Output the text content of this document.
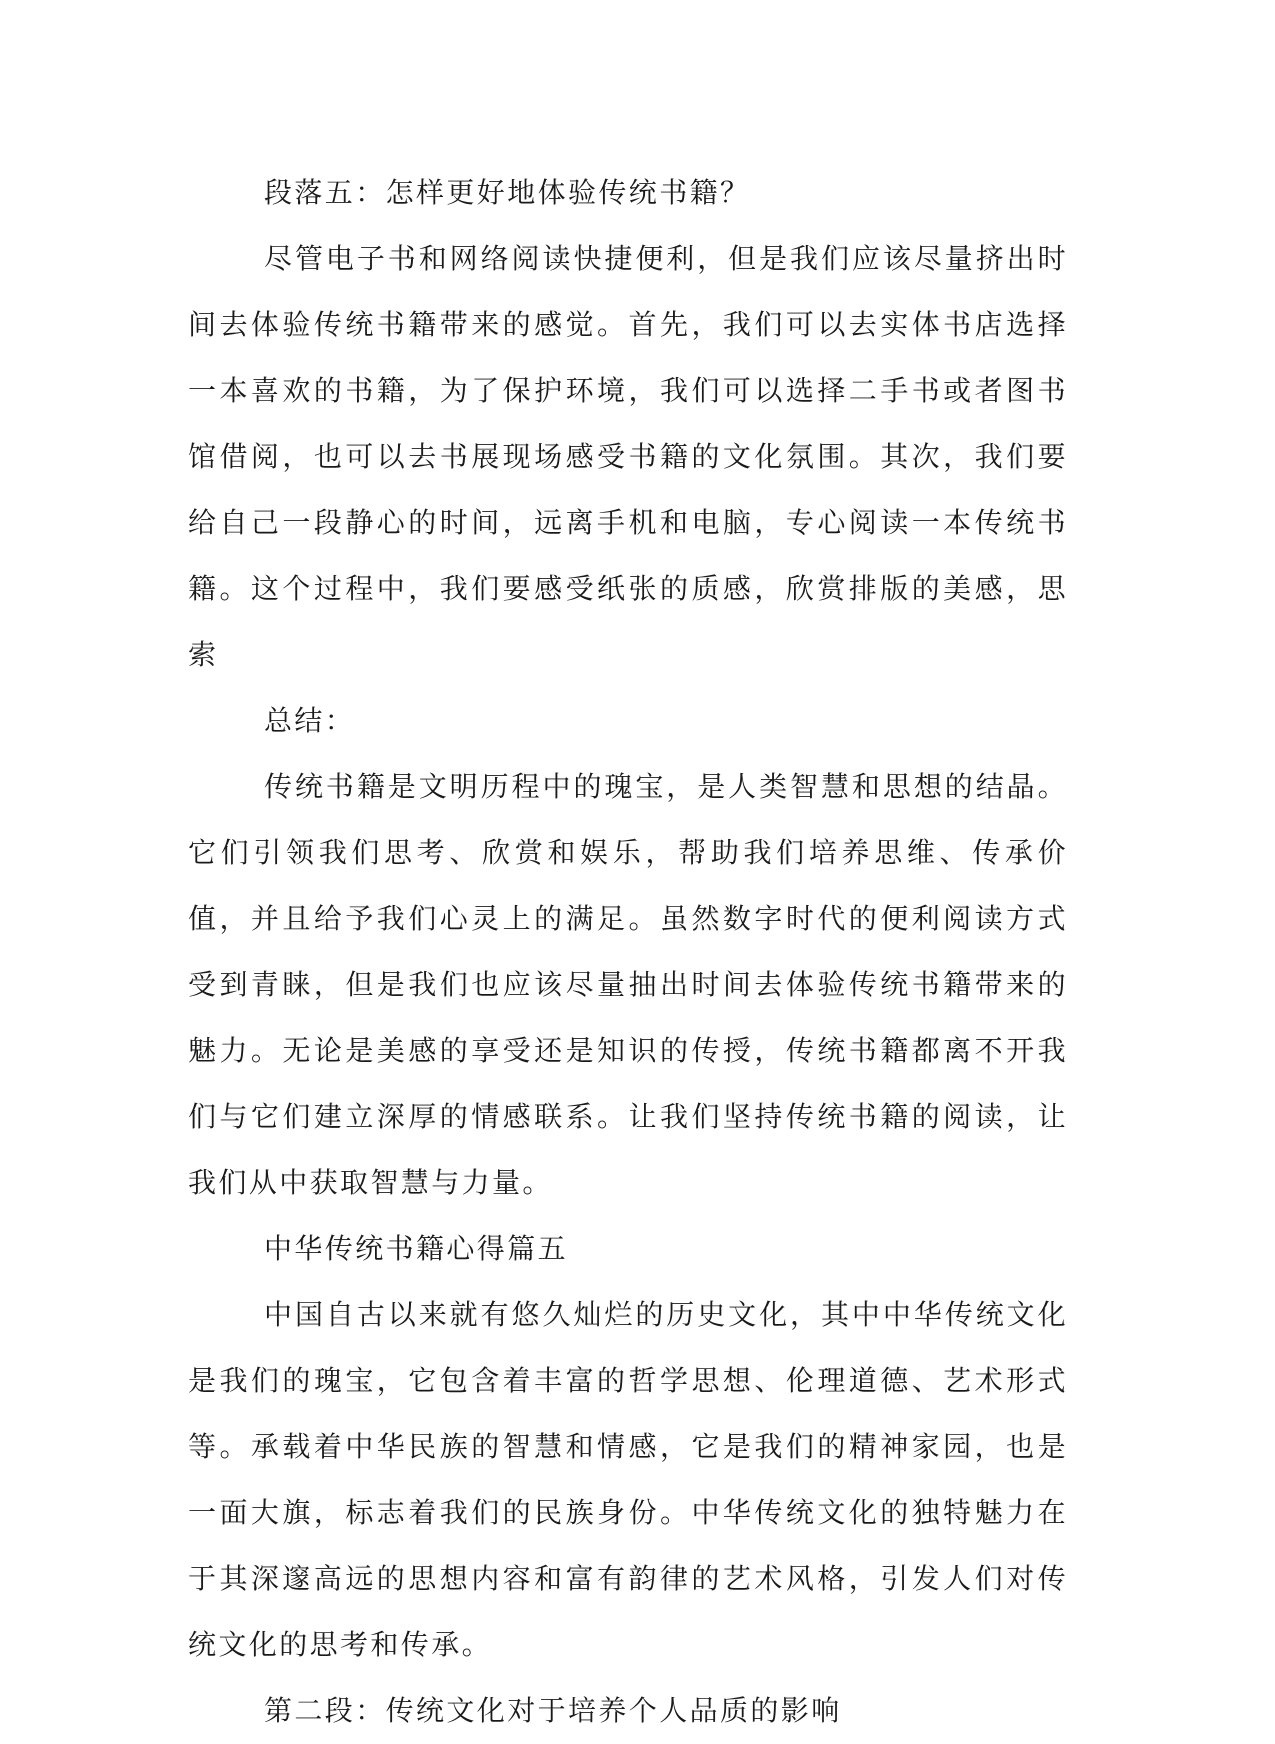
段落五：怎样更好地体验传统书籍？

尽管电子书和网络阅读快捷便利，但是我们应该尽量挤出时间去体验传统书籍带来的感觉。首先，我们可以去实体书店选择一本喜欢的书籍，为了保护环境，我们可以选择二手书或者图书馆借阅，也可以去书展现场感受书籍的文化氛围。其次，我们要给自己一段静心的时间，远离手机和电脑，专心阅读一本传统书籍。这个过程中，我们要感受纸张的质感，欣赏排版的美感，思索

总结：

传统书籍是文明历程中的瑰宝，是人类智慧和思想的结晶。它们引领我们思考、欣赏和娱乐，帮助我们培养思维、传承价值，并且给予我们心灵上的满足。虽然数字时代的便利阅读方式受到青睐，但是我们也应该尽量抽出时间去体验传统书籍带来的魅力。无论是美感的享受还是知识的传授，传统书籍都离不开我们与它们建立深厚的情感联系。让我们坚持传统书籍的阅读，让我们从中获取智慧与力量。

中华传统书籍心得篇五

中国自古以来就有悠久灿烂的历史文化，其中中华传统文化是我们的瑰宝，它包含着丰富的哲学思想、伦理道德、艺术形式等。承载着中华民族的智慧和情感，它是我们的精神家园，也是一面大旗，标志着我们的民族身份。中华传统文化的独特魅力在于其深邃高远的思想内容和富有韵律的艺术风格，引发人们对传统文化的思考和传承。

第二段：传统文化对于培养个人品质的影响
